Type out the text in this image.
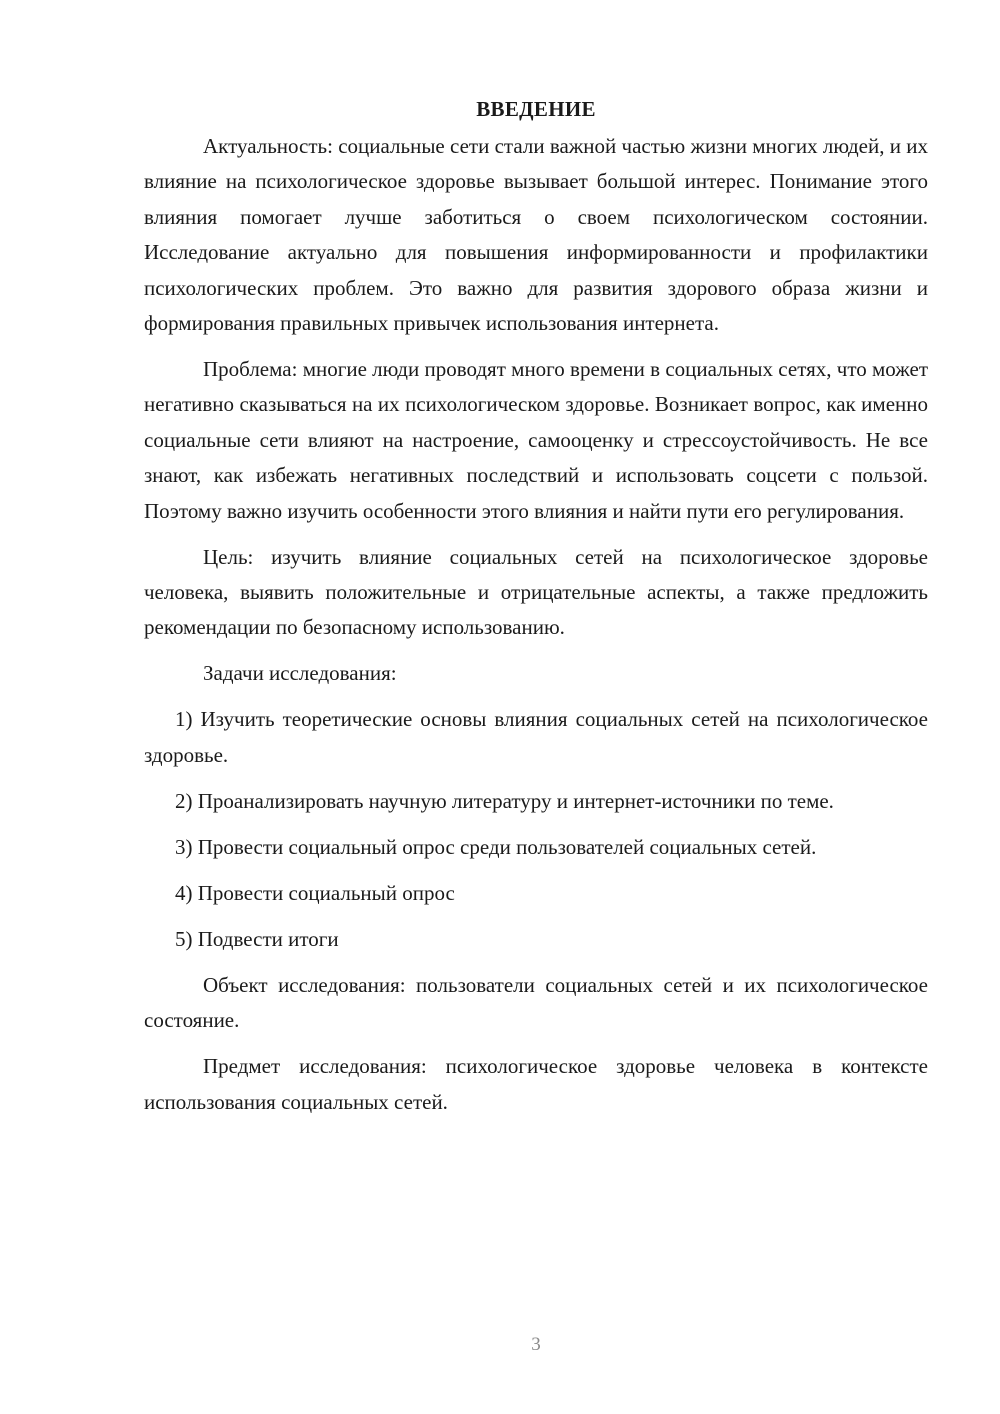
ВВЕДЕНИЕ

Актуальность: социальные сети стали важной частью жизни многих людей, и их влияние на психологическое здоровье вызывает большой интерес. Понимание этого влияния помогает лучше заботиться о своем психологическом состоянии. Исследование актуально для повышения информированности и профилактики психологических проблем. Это важно для развития здорового образа жизни и формирования правильных привычек использования интернета.

Проблема: многие люди проводят много времени в социальных сетях, что может негативно сказываться на их психологическом здоровье. Возникает вопрос, как именно социальные сети влияют на настроение, самооценку и стрессоустойчивость. Не все знают, как избежать негативных последствий и использовать соцсети с пользой. Поэтому важно изучить особенности этого влияния и найти пути его регулирования.

Цель: изучить влияние социальных сетей на психологическое здоровье человека, выявить положительные и отрицательные аспекты, а также предложить рекомендации по безопасному использованию.

Задачи исследования:

1) Изучить теоретические основы влияния социальных сетей на психологическое здоровье.

2) Проанализировать научную литературу и интернет-источники по теме.

3) Провести социальный опрос среди пользователей социальных сетей.

4) Провести социальный опрос

5) Подвести итоги

Объект исследования: пользователи социальных сетей и их психологическое состояние.

Предмет исследования: психологическое здоровье человека в контексте использования социальных сетей.

3
